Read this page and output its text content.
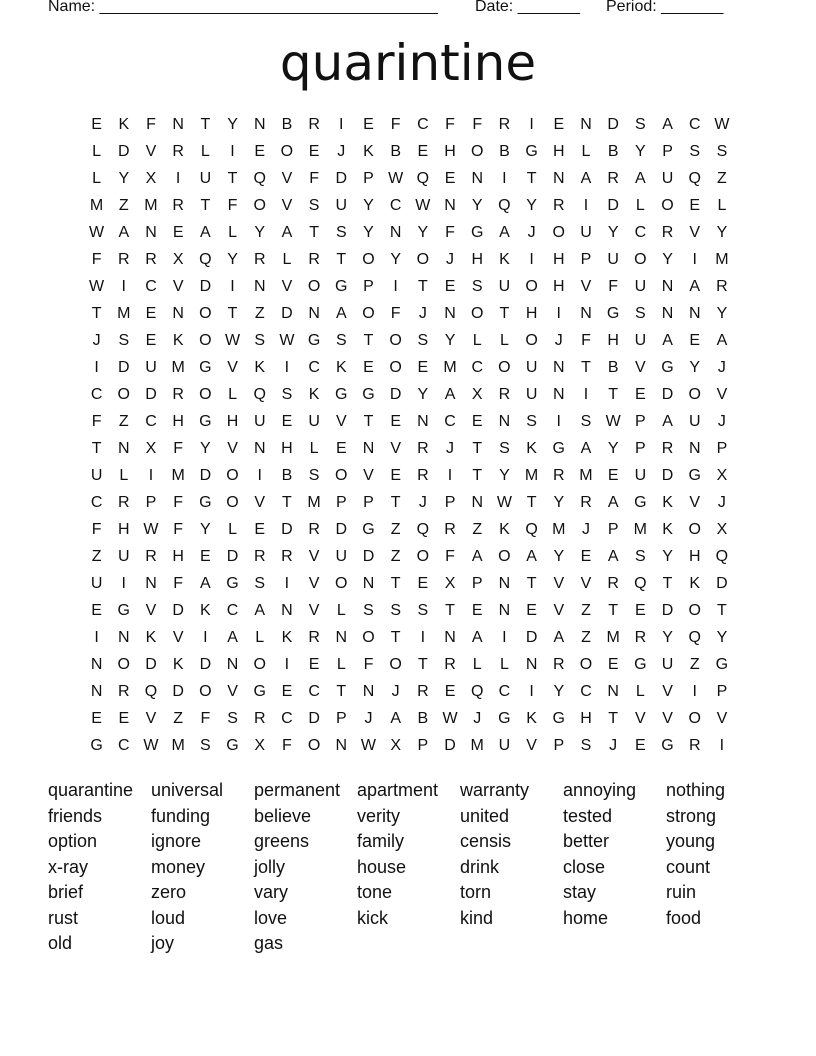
Name: ______________________________________ Date: _______ Period: _______
quarintine
E	K	F	N	T	Y	N	B	R	I	E	F	C	F	F	R	I	E	N D	S	A	C W
L	D	V	R	L	I	E O E	J	K	B	E	H O B G H	L	B	Y	P	S	S
L	Y	X	I	U	T	Q V	F	D	P W Q E	N	I	T	N	A	R	A	U Q	Z
M Z M R	T	F	O V	S	U	Y	C W N	Y Q Y	R	I	D	L	O E	L
W A	N	E	A	L	Y	A	T	S	Y	N	Y	F	G A	J	O U	Y	C R	V	Y
F	R R	X Q Y	R	L	R	T	O Y O	J	H	K	I	H	P	U O Y	I	M
W	I	C	V	D	I	N	V O G P	I	T	E	S	U O H	V	F	U N	A	R
T M E	N O	T	Z	D N	A O	F	J	N O	T	H	I	N G S	N N	Y
J	S	E	K O W S W G S	T	O S	Y	L	L	O	J	F	H U	A	E	A
I	D U M G V	K	I	C	K	E O E M C O U N	T	B	V G Y	J
C O D R O	L	Q S	K G G D	Y	A	X	R U N	I	T	E	D O V
F	Z	C H G H U	E	U	V	T	E	N C	E	N	S	I	S W P	A	U	J
T	N	X	F	Y	V	N H	L	E	N	V	R	J	T	S	K G A	Y	P	R N	P
U	L	I	M D O	I	B	S O V	E	R	I	T	Y M R M E	U D G X
C R	P	F	G O V	T M P	P	T	J	P	N W T	Y	R	A G K	V	J
F	H W F	Y	L	E	D R D G	Z	Q R	Z	K Q M	J	P M K O X
Z	U R H	E	D R R	V	U D	Z	O	F	A O A	Y	E	A	S	Y	H Q
U	I	N	F	A G S	I	V O N	T	E	X	P	N	T	V	V	R Q	T	K	D
E G V	D	K	C	A	N	V	L	S	S	S	T	E	N	E	V	Z	T	E	D O	T
I	N	K	V	I	A	L	K	R N O	T	I	N	A	I	D	A	Z M R	Y Q Y
N O D	K	D N O	I	E	L	F	O	T	R	L	L	N R O E G U	Z	G
N R Q D O V G E	C	T	N	J	R	E Q C	I	Y	C N	L	V	I	P
E	E	V	Z	F	S	R C D	P	J	A	B W J	G K G H	T	V	V O V
G C W M S G X	F	O N W X	P	D M U	V	P	S	J	E G R	I
quarantine
friends
option
x-ray
brief
rust
old
universal
funding
ignore
money
zero
loud
joy
permanent
believe
greens
jolly
vary
love
gas
apartment
verity
family
house
tone
kick
warranty
united
censis
drink
torn
kind
annoying
tested
better
close
stay
home
nothing
strong
young
count
ruin
food
